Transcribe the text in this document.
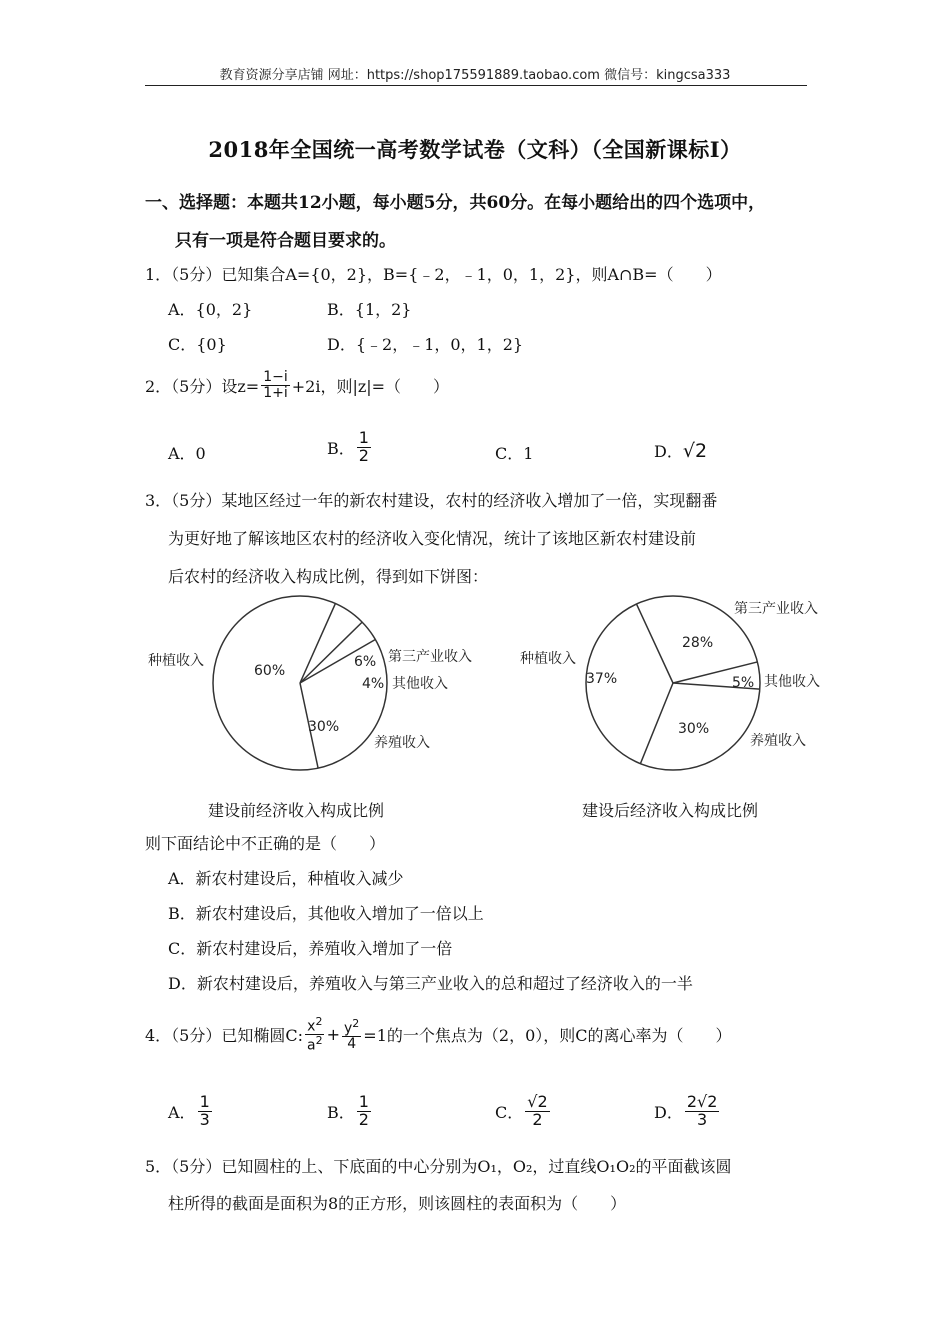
教育资源分享店铺 网址：https://shop175591889.taobao.com 微信号：kingcsa333
2018年全国统一高考数学试卷（文科）（全国新课标Ⅰ）
一、选择题：本题共12小题，每小题5分，共60分。在每小题给出的四个选项中，
只有一项是符合题目要求的。
1．（5分）已知集合A={0，2}，B={﹣2，﹣1，0，1，2}，则A∩B=（　　）
A．{0，2}	B．{1，2}
C．{0}	D．{﹣2，﹣1，0，1，2}
2．（5分）设$z= \frac{1-i}{1+i} +2i$，则|z|=（　　）
A．0	B． $\frac{1}{2}$	C．1	D． √2
3．（5分）某地区经过一年的新农村建设，农村的经济收入增加了一倍，实现翻番
为更好地了解该地区农村的经济收入变化情况，统计了该地区新农村建设前
后农村的经济收入构成比例，得到如下饼图：
种植收入	第三产业收入
其他收入
养殖收入
60%
6%
4%
30%
种植收入
第三产业收入
其他收入
养殖收入
37%
28%
5%
30%
建设前经济收入构成比例	建设后经济收入构成比例
则下面结论中不正确的是（　　）
A．新农村建设后，种植收入减少
B．新农村建设后，其他收入增加了一倍以上
C．新农村建设后，养殖收入增加了一倍
D．新农村建设后，养殖收入与第三产业收入的总和超过了经济收入的一半
4．（5分）已知椭圆C: $\frac{x^2}{a^2} + \frac{y^2}{4} =1$的一个焦点为（2，0），则C的离心率为（　　）
A． $\frac{1}{3}$	B． $\frac{1}{2}$	C． $\frac{√2}{2}$	D． $\frac{2√2}{3}$
5．（5分）已知圆柱的上、下底面的中心分别为O₁，O₂，过直线O₁O₂的平面截该圆
柱所得的截面是面积为8的正方形，则该圆柱的表面积为（　　）
